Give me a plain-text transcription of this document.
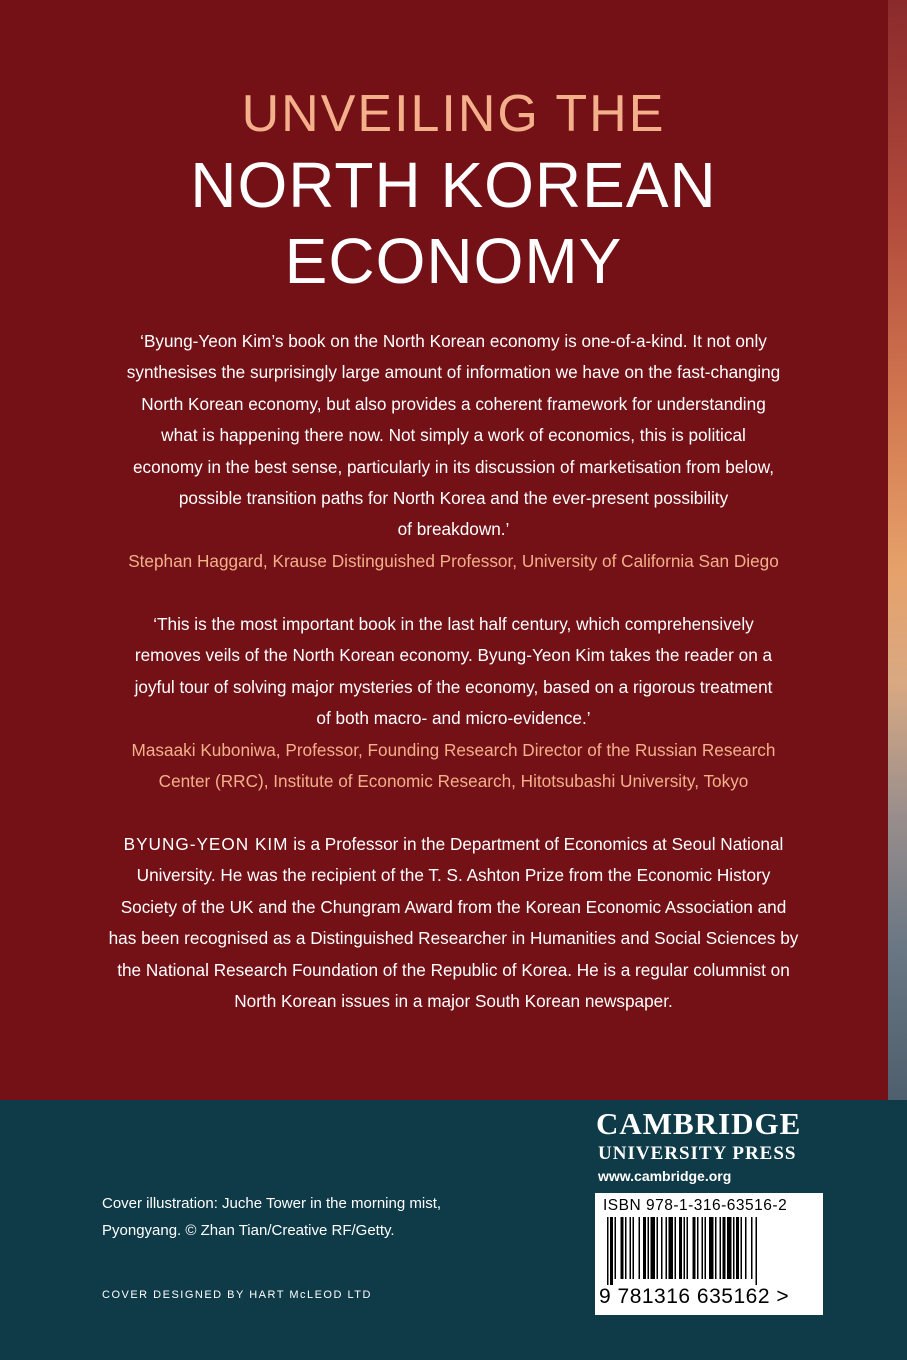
UNVEILING THE
NORTH KOREAN
ECONOMY
‘Byung-Yeon Kim’s book on the North Korean economy is one-of-a-kind. It not only
synthesises the surprisingly large amount of information we have on the fast-changing
North Korean economy, but also provides a coherent framework for understanding
what is happening there now. Not simply a work of economics, this is political
economy in the best sense, particularly in its discussion of marketisation from below,
possible transition paths for North Korea and the ever-present possibility
of breakdown.’
Stephan Haggard, Krause Distinguished Professor, University of California San Diego
‘This is the most important book in the last half century, which comprehensively
removes veils of the North Korean economy. Byung-Yeon Kim takes the reader on a
joyful tour of solving major mysteries of the economy, based on a rigorous treatment
of both macro- and micro-evidence.’
Masaaki Kuboniwa, Professor, Founding Research Director of the Russian Research
Center (RRC), Institute of Economic Research, Hitotsubashi University, Tokyo
BYUNG-YEON KIM is a Professor in the Department of Economics at Seoul National
University. He was the recipient of the T. S. Ashton Prize from the Economic History
Society of the UK and the Chungram Award from the Korean Economic Association and
has been recognised as a Distinguished Researcher in Humanities and Social Sciences by
the National Research Foundation of the Republic of Korea. He is a regular columnist on
North Korean issues in a major South Korean newspaper.
Cover illustration: Juche Tower in the morning mist,
Pyongyang. © Zhan Tian/Creative RF/Getty.
COVER DESIGNED BY HART McLEOD LTD
CAMBRIDGE
UNIVERSITY PRESS
www.cambridge.org
ISBN 978-1-316-63516-2
9 781316 635162 >
